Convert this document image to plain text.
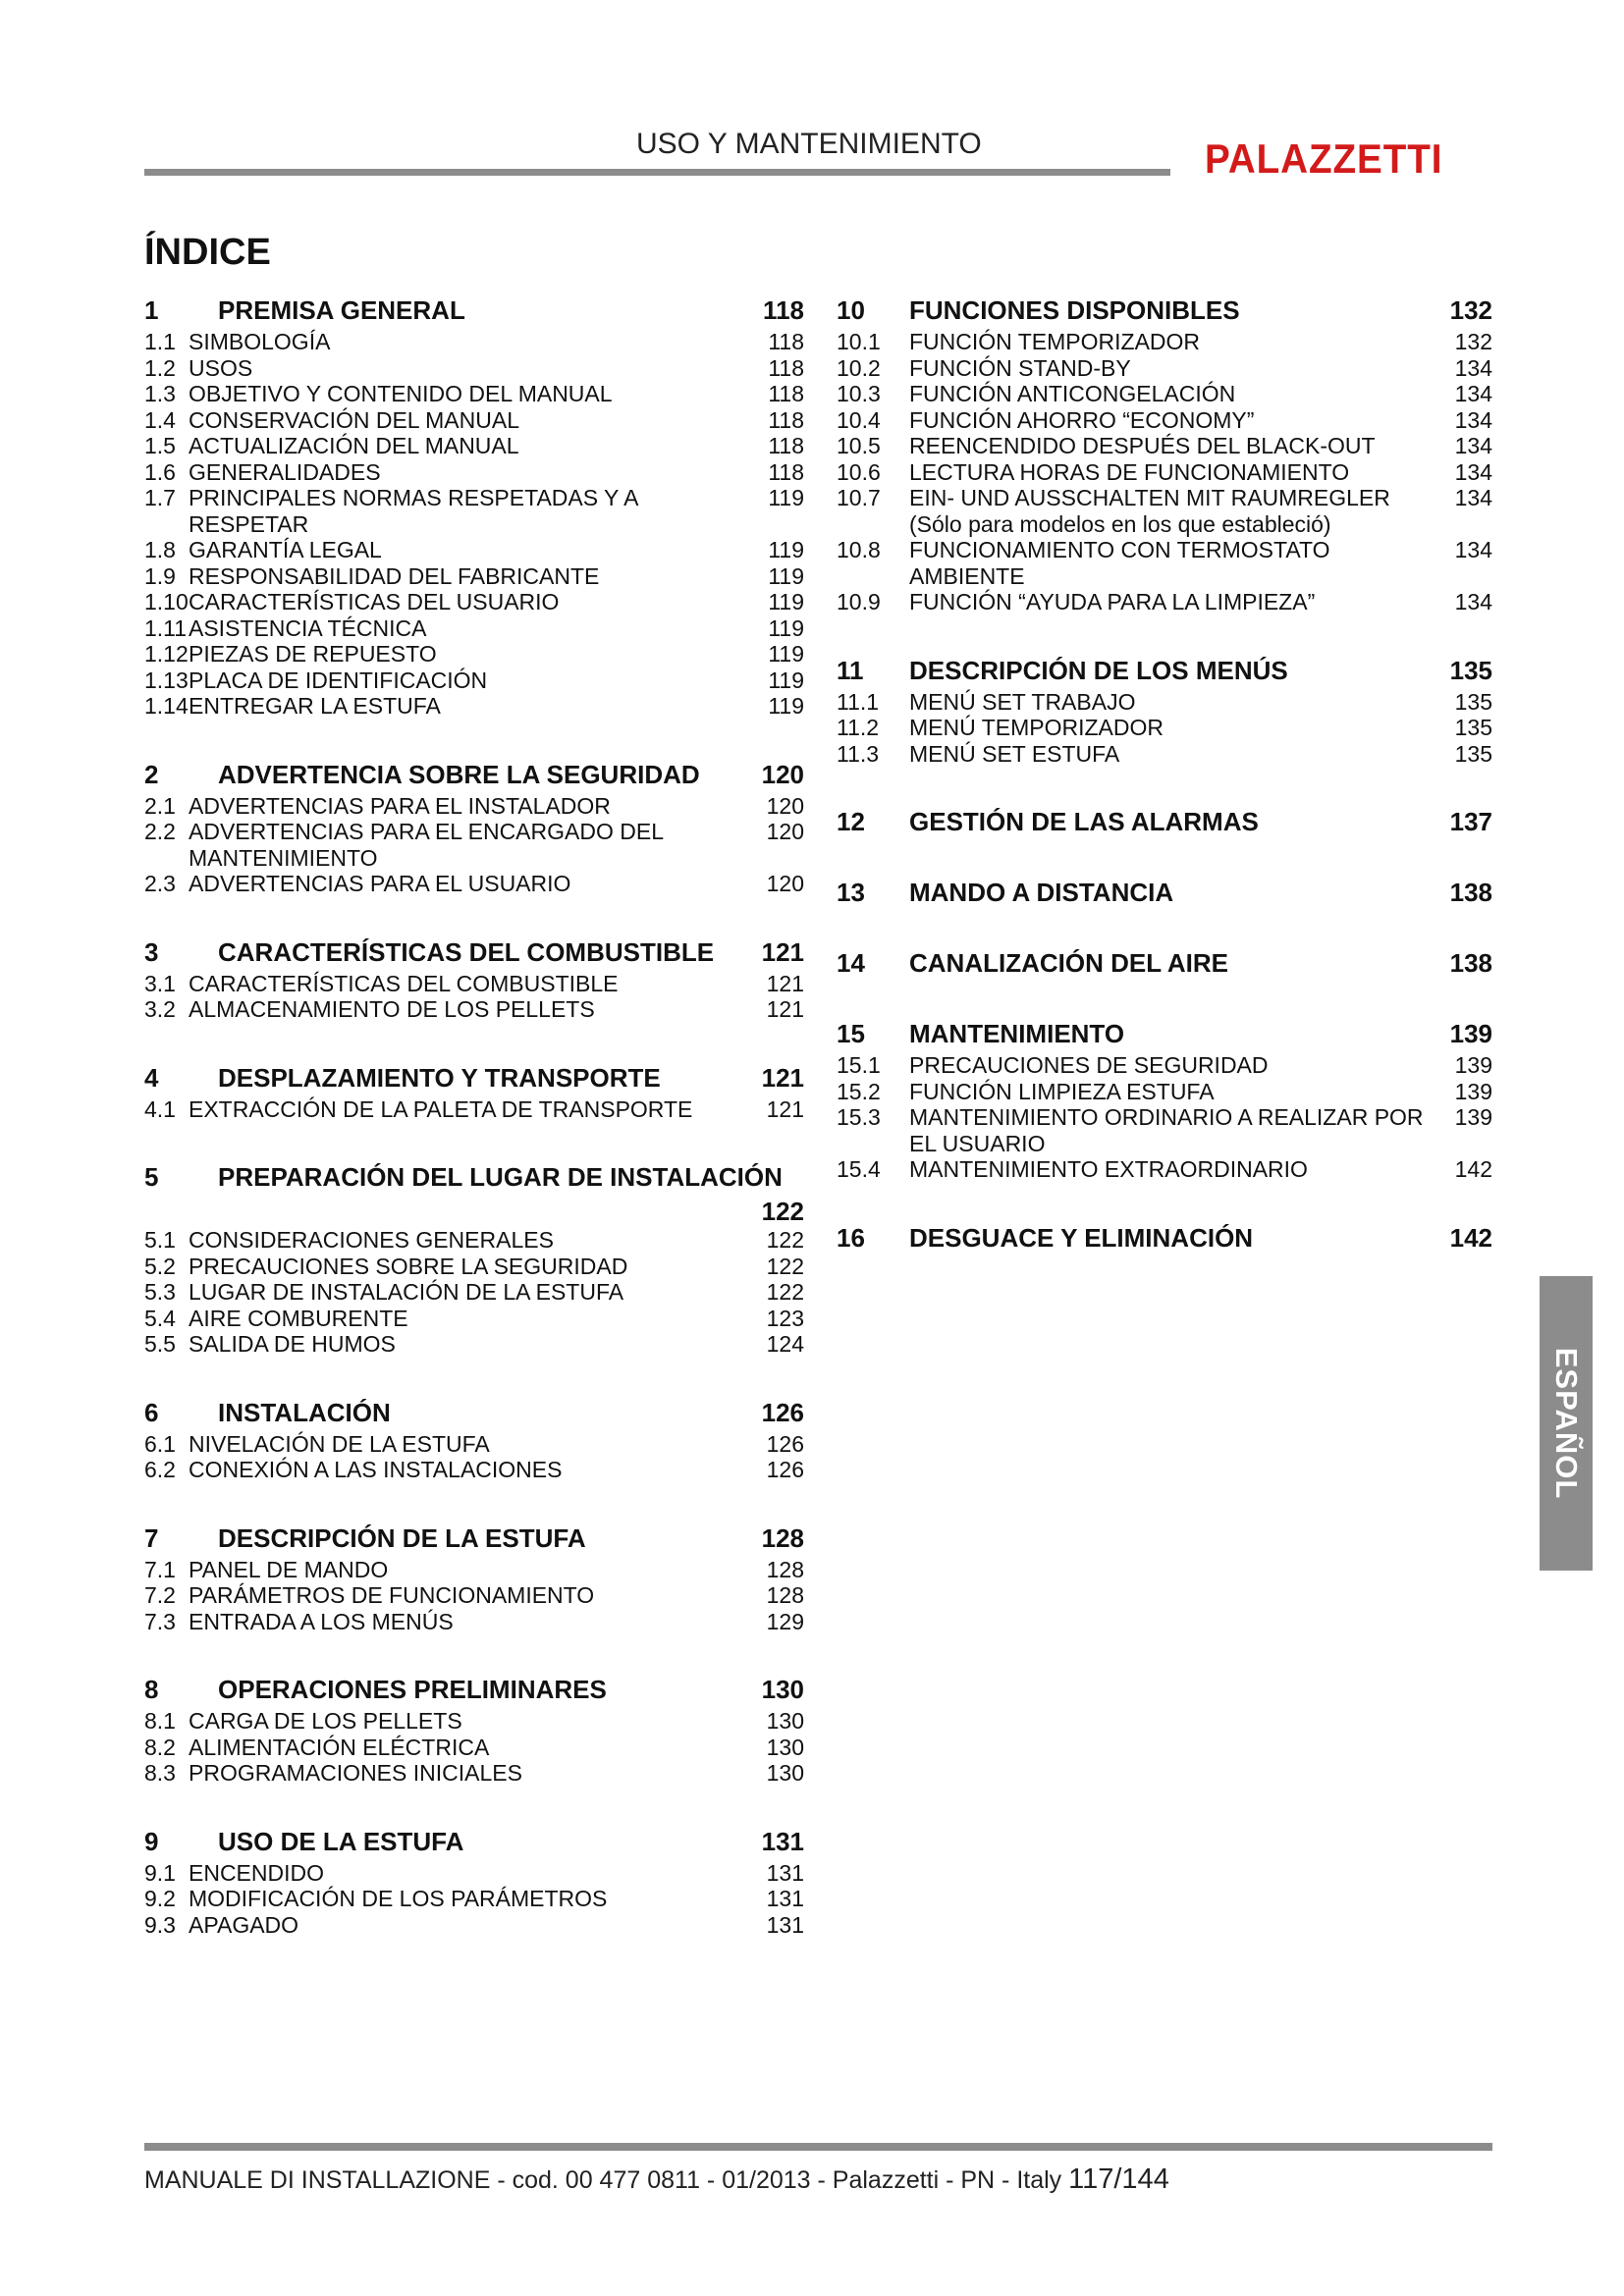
USO Y MANTENIMIENTO	PALAZZETTI
ÍNDICE
1	PREMISA GENERAL	118
1.1 SIMBOLOGÍA	118
1.2 USOS	118
1.3 OBJETIVO Y CONTENIDO DEL MANUAL	118
1.4 CONSERVACIÓN DEL MANUAL	118
1.5 ACTUALIZACIÓN DEL MANUAL	118
1.6 GENERALIDADES	118
1.7 PRINCIPALES NORMAS RESPETADAS Y A RESPETAR
119
1.8 GARANTÍA LEGAL	119
1.9 RESPONSABILIDAD DEL FABRICANTE	119
1.10 CARACTERÍSTICAS DEL USUARIO	119
1.11 ASISTENCIA TÉCNICA	119
1.12 PIEZAS DE REPUESTO	119
1.13 PLACA DE IDENTIFICACIÓN	119
1.14 ENTREGAR LA ESTUFA	119
2	ADVERTENCIA SOBRE LA SEGURIDAD	120
2.1 ADVERTENCIAS PARA EL INSTALADOR	120
2.2 ADVERTENCIAS PARA EL ENCARGADO DEL MANTENIMIENTO
120
2.3 ADVERTENCIAS PARA EL USUARIO	120
3	CARACTERÍSTICAS DEL COMBUSTIBLE	121
3.1 CARACTERÍSTICAS DEL COMBUSTIBLE	121
3.2 ALMACENAMIENTO DE LOS PELLETS	121
4	DESPLAZAMIENTO Y TRANSPORTE	121
4.1 EXTRACCIÓN DE LA PALETA DE TRANSPORTE	121
5	PREPARACIÓN DEL LUGAR DE INSTALACIÓN
122
5.1 CONSIDERACIONES GENERALES	122
5.2 PRECAUCIONES SOBRE LA SEGURIDAD	122
5.3 LUGAR DE INSTALACIÓN DE LA ESTUFA	122
5.4 AIRE COMBURENTE	123
5.5 SALIDA DE HUMOS	124
6	INSTALACIÓN	126
6.1 NIVELACIÓN DE LA ESTUFA	126
6.2 CONEXIÓN A LAS INSTALACIONES	126
7	DESCRIPCIÓN DE LA ESTUFA	128
7.1 PANEL DE MANDO	128
7.2 PARÁMETROS DE FUNCIONAMIENTO	128
7.3 ENTRADA A LOS MENÚS	129
8	OPERACIONES PRELIMINARES	130
8.1 CARGA DE LOS PELLETS	130
8.2 ALIMENTACIÓN ELÉCTRICA	130
8.3 PROGRAMACIONES INICIALES	130
9	USO DE LA ESTUFA	131
9.1 ENCENDIDO	131
9.2 MODIFICACIÓN DE LOS PARÁMETROS	131
9.3 APAGADO	131
10	FUNCIONES DISPONIBLES	132
10.1	FUNCIÓN TEMPORIZADOR	132
10.2	FUNCIÓN STAND-BY	134
10.3	FUNCIÓN ANTICONGELACIÓN	134
10.4	FUNCIÓN AHORRO “ECONOMY”	134
10.5	REENCENDIDO DESPUÉS DEL BLACK-OUT	134
10.6	LECTURA HORAS DE FUNCIONAMIENTO	134
10.7	EIN- UND AUSSCHALTEN MIT RAUMREGLER (Sólo para modelos en los que estableció)
134
10.8	FUNCIONAMIENTO CON TERMOSTATO AMBIENTE
134
10.9	FUNCIÓN “AYUDA PARA LA LIMPIEZA”	134
11	DESCRIPCIÓN DE LOS MENÚS	135
11.1	MENÚ SET TRABAJO	135
11.2	MENÚ TEMPORIZADOR	135
11.3	MENÚ SET ESTUFA	135
12	GESTIÓN DE LAS ALARMAS	137
13	MANDO A DISTANCIA	138
14	CANALIZACIÓN DEL AIRE	138
15	MANTENIMIENTO	139
15.1	PRECAUCIONES DE SEGURIDAD	139
15.2	FUNCIÓN LIMPIEZA ESTUFA	139
15.3	MANTENIMIENTO ORDINARIO A REALIZAR POR EL USUARIO
139
15.4	MANTENIMIENTO EXTRAORDINARIO	142
16	DESGUACE Y ELIMINACIÓN	142
ESPAÑOL
MANUALE DI INSTALLAZIONE - cod. 00 477 0811 - 01/2013 - Palazzetti - PN - Italy 117/144
